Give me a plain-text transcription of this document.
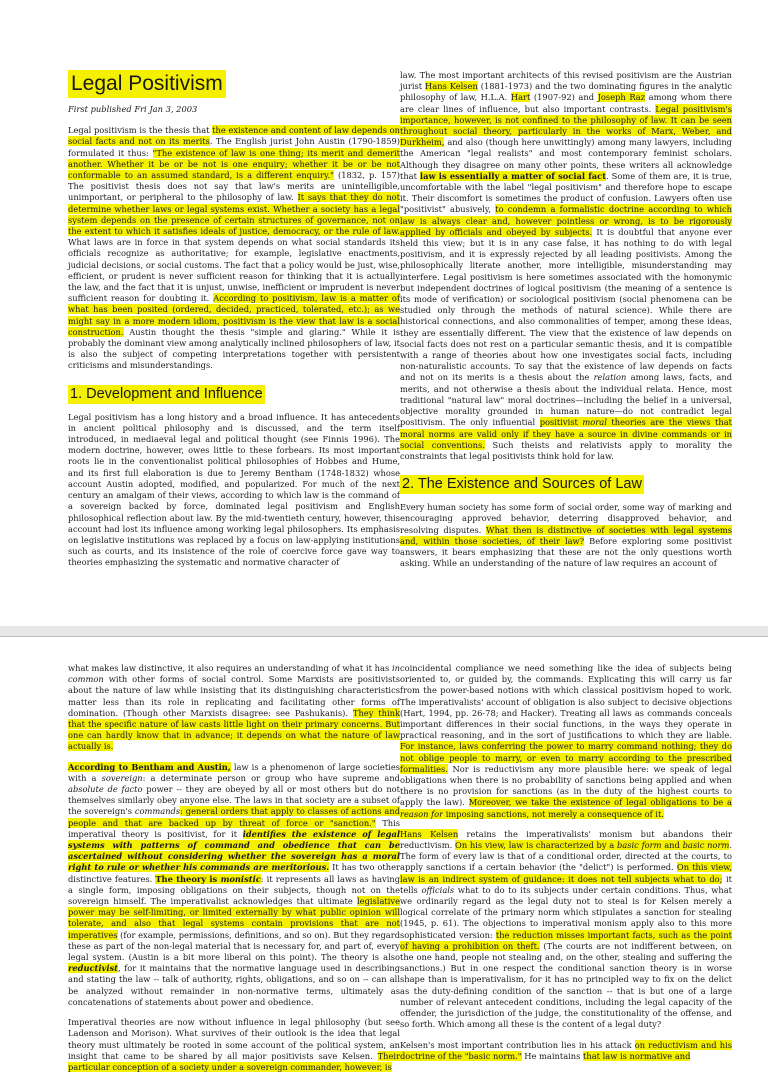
Legal Positivism
First published Fri Jan 3, 2003

Legal positivism is the thesis that the existence and content of law depends on social facts and not on its merits. The English jurist John Austin (1790-1859) formulated it thus: "The existence of law is one thing; its merit and demerit another. Whether it be or be not is one enquiry; whether it be or be not conformable to an assumed standard, is a different enquiry." (1832, p. 157) The positivist thesis does not say that law's merits are unintelligible, unimportant, or peripheral to the philosophy of law. It says that they do not determine whether laws or legal systems exist. Whether a society has a legal system depends on the presence of certain structures of governance, not on the extent to which it satisfies ideals of justice, democracy, or the rule of law. What laws are in force in that system depends on what social standards its officials recognize as authoritative; for example, legislative enactments, judicial decisions, or social customs. The fact that a policy would be just, wise, efficient, or prudent is never sufficient reason for thinking that it is actually the law, and the fact that it is unjust, unwise, inefficient or imprudent is never sufficient reason for doubting it. According to positivism, law is a matter of what has been posited (ordered, decided, practiced, tolerated, etc.); as we might say in a more modern idiom, positivism is the view that law is a social construction. Austin thought the thesis "simple and glaring." While it is probably the dominant view among analytically inclined philosophers of law, it is also the subject of competing interpretations together with persistent criticisms and misunderstandings.

1. Development and Influence

Legal positivism has a long history and a broad influence. It has antecedents in ancient political philosophy and is discussed, and the term itself introduced, in mediaeval legal and political thought (see Finnis 1996). The modern doctrine, however, owes little to these forbears. Its most important roots lie in the conventionalist political philosophies of Hobbes and Hume, and its first full elaboration is due to Jeremy Bentham (1748-1832) whose account Austin adopted, modified, and popularized. For much of the next century an amalgam of their views, according to which law is the command of a sovereign backed by force, dominated legal positivism and English philosophical reflection about law. By the mid-twentieth century, however, this account had lost its influence among working legal philosophers. Its emphasis on legislative institutions was replaced by a focus on law-applying institutions such as courts, and its insistence of the role of coercive force gave way to theories emphasizing the systematic and normative character of

law. The most important architects of this revised positivism are the Austrian jurist Hans Kelsen (1881-1973) and the two dominating figures in the analytic philosophy of law, H.L.A. Hart (1907-92) and Joseph Raz among whom there are clear lines of influence, but also important contrasts. Legal positivism's importance, however, is not confined to the philosophy of law. It can be seen throughout social theory, particularly in the works of Marx, Weber, and Durkheim, and also (though here unwittingly) among many lawyers, including the American "legal realists" and most contemporary feminist scholars. Although they disagree on many other points, these writers all acknowledge that law is essentially a matter of social fact. Some of them are, it is true, uncomfortable with the label "legal positivism" and therefore hope to escape it. Their discomfort is sometimes the product of confusion. Lawyers often use "positivist" abusively, to condemn a formalistic doctrine according to which law is always clear and, however pointless or wrong, is to be rigorously applied by officials and obeyed by subjects. It is doubtful that anyone ever held this view; but it is in any case false, it has nothing to do with legal positivism, and it is expressly rejected by all leading positivists. Among the philosophically literate another, more intelligible, misunderstanding may interfere. Legal positivism is here sometimes associated with the homonymic but independent doctrines of logical positivism (the meaning of a sentence is its mode of verification) or sociological positivism (social phenomena can be studied only through the methods of natural science). While there are historical connections, and also commonalities of temper, among these ideas, they are essentially different. The view that the existence of law depends on social facts does not rest on a particular semantic thesis, and it is compatible with a range of theories about how one investigates social facts, including non-naturalistic accounts. To say that the existence of law depends on facts and not on its merits is a thesis about the relation among laws, facts, and merits, and not otherwise a thesis about the individual relata. Hence, most traditional "natural law" moral doctrines—including the belief in a universal, objective morality grounded in human nature—do not contradict legal positivism. The only influential positivist moral theories are the views that moral norms are valid only if they have a source in divine commands or in social conventions. Such theists and relativists apply to morality the constraints that legal positivists think hold for law.

2. The Existence and Sources of Law

Every human society has some form of social order, some way of marking and encouraging approved behavior, deterring disapproved behavior, and resolving disputes. What then is distinctive of societies with legal systems and, within those societies, of their law? Before exploring some positivist answers, it bears emphasizing that these are not the only questions worth asking. While an understanding of the nature of law requires an account of

what makes law distinctive, it also requires an understanding of what it has in common with other forms of social control. Some Marxists are positivists about the nature of law while insisting that its distinguishing characteristics matter less than its role in replicating and facilitating other forms of domination. (Though other Marxists disagree: see Pashukanis). They think that the specific nature of law casts little light on their primary concerns. But one can hardly know that in advance; it depends on what the nature of law actually is.

According to Bentham and Austin, law is a phenomenon of large societies with a sovereign: a determinate person or group who have supreme and absolute de facto power -- they are obeyed by all or most others but do not themselves similarly obey anyone else. The laws in that society are a subset of the sovereign's commands: general orders that apply to classes of actions and people and that are backed up by threat of force or "sanction." This imperatival theory is positivist, for it identifies the existence of legal systems with patterns of command and obedience that can be ascertained without considering whether the sovereign has a moral right to rule or whether his commands are meritorious. It has two other distinctive features. The theory is monistic: it represents all laws as having a single form, imposing obligations on their subjects, though not on the sovereign himself. The imperativalist acknowledges that ultimate legislative power may be self-limiting, or limited externally by what public opinion will tolerate, and also that legal systems contain provisions that are not imperatives (for example, permissions, definitions, and so on). But they regard these as part of the non-legal material that is necessary for, and part of, every legal system. (Austin is a bit more liberal on this point). The theory is also reductivist, for it maintains that the normative language used in describing and stating the law -- talk of authority, rights, obligations, and so on -- can all be analyzed without remainder in non-normative terms, ultimately as concatenations of statements about power and obedience.

Imperatival theories are now without influence in legal philosophy (but see Ladenson and Morison). What survives of their outlook is the idea that legal theory must ultimately be rooted in some account of the political system, an insight that came to be shared by all major positivists save Kelsen. Their particular conception of a society under a sovereign commander, however, is

coincidental compliance we need something like the idea of subjects being oriented to, or guided by, the commands. Explicating this will carry us far from the power-based notions with which classical positivism hoped to work. The imperativalists' account of obligation is also subject to decisive objections (Hart, 1994, pp. 26-78; and Hacker). Treating all laws as commands conceals important differences in their social functions, in the ways they operate in practical reasoning, and in the sort of justifications to which they are liable. For instance, laws conferring the power to marry command nothing; they do not oblige people to marry, or even to marry according to the prescribed formalities. Nor is reductivism any more plausible here: we speak of legal obligations when there is no probability of sanctions being applied and when there is no provision for sanctions (as in the duty of the highest courts to apply the law). Moreover, we take the existence of legal obligations to be a reason for imposing sanctions, not merely a consequence of it.

Hans Kelsen retains the imperativalists' monism but abandons their reductivism. On his view, law is characterized by a basic form and basic norm. The form of every law is that of a conditional order, directed at the courts, to apply sanctions if a certain behavior (the "delict") is performed. On this view, law is an indirect system of guidance: it does not tell subjects what to do; it tells officials what to do to its subjects under certain conditions. Thus, what we ordinarily regard as the legal duty not to steal is for Kelsen merely a logical correlate of the primary norm which stipulates a sanction for stealing (1945, p. 61). The objections to imperatival monism apply also to this more sophisticated version: the reduction misses important facts, such as the point of having a prohibition on theft. (The courts are not indifferent between, on the one hand, people not stealing and, on the other, stealing and suffering the sanctions.) But in one respect the conditional sanction theory is in worse shape than is imperativalism, for it has no principled way to fix on the delict as the duty-defining condition of the sanction -- that is but one of a large number of relevant antecedent conditions, including the legal capacity of the offender, the jurisdiction of the judge, the constitutionality of the offense, and so forth. Which among all these is the content of a legal duty?

Kelsen's most important contribution lies in his attack on reductivism and his doctrine of the "basic norm." He maintains that law is normative and
